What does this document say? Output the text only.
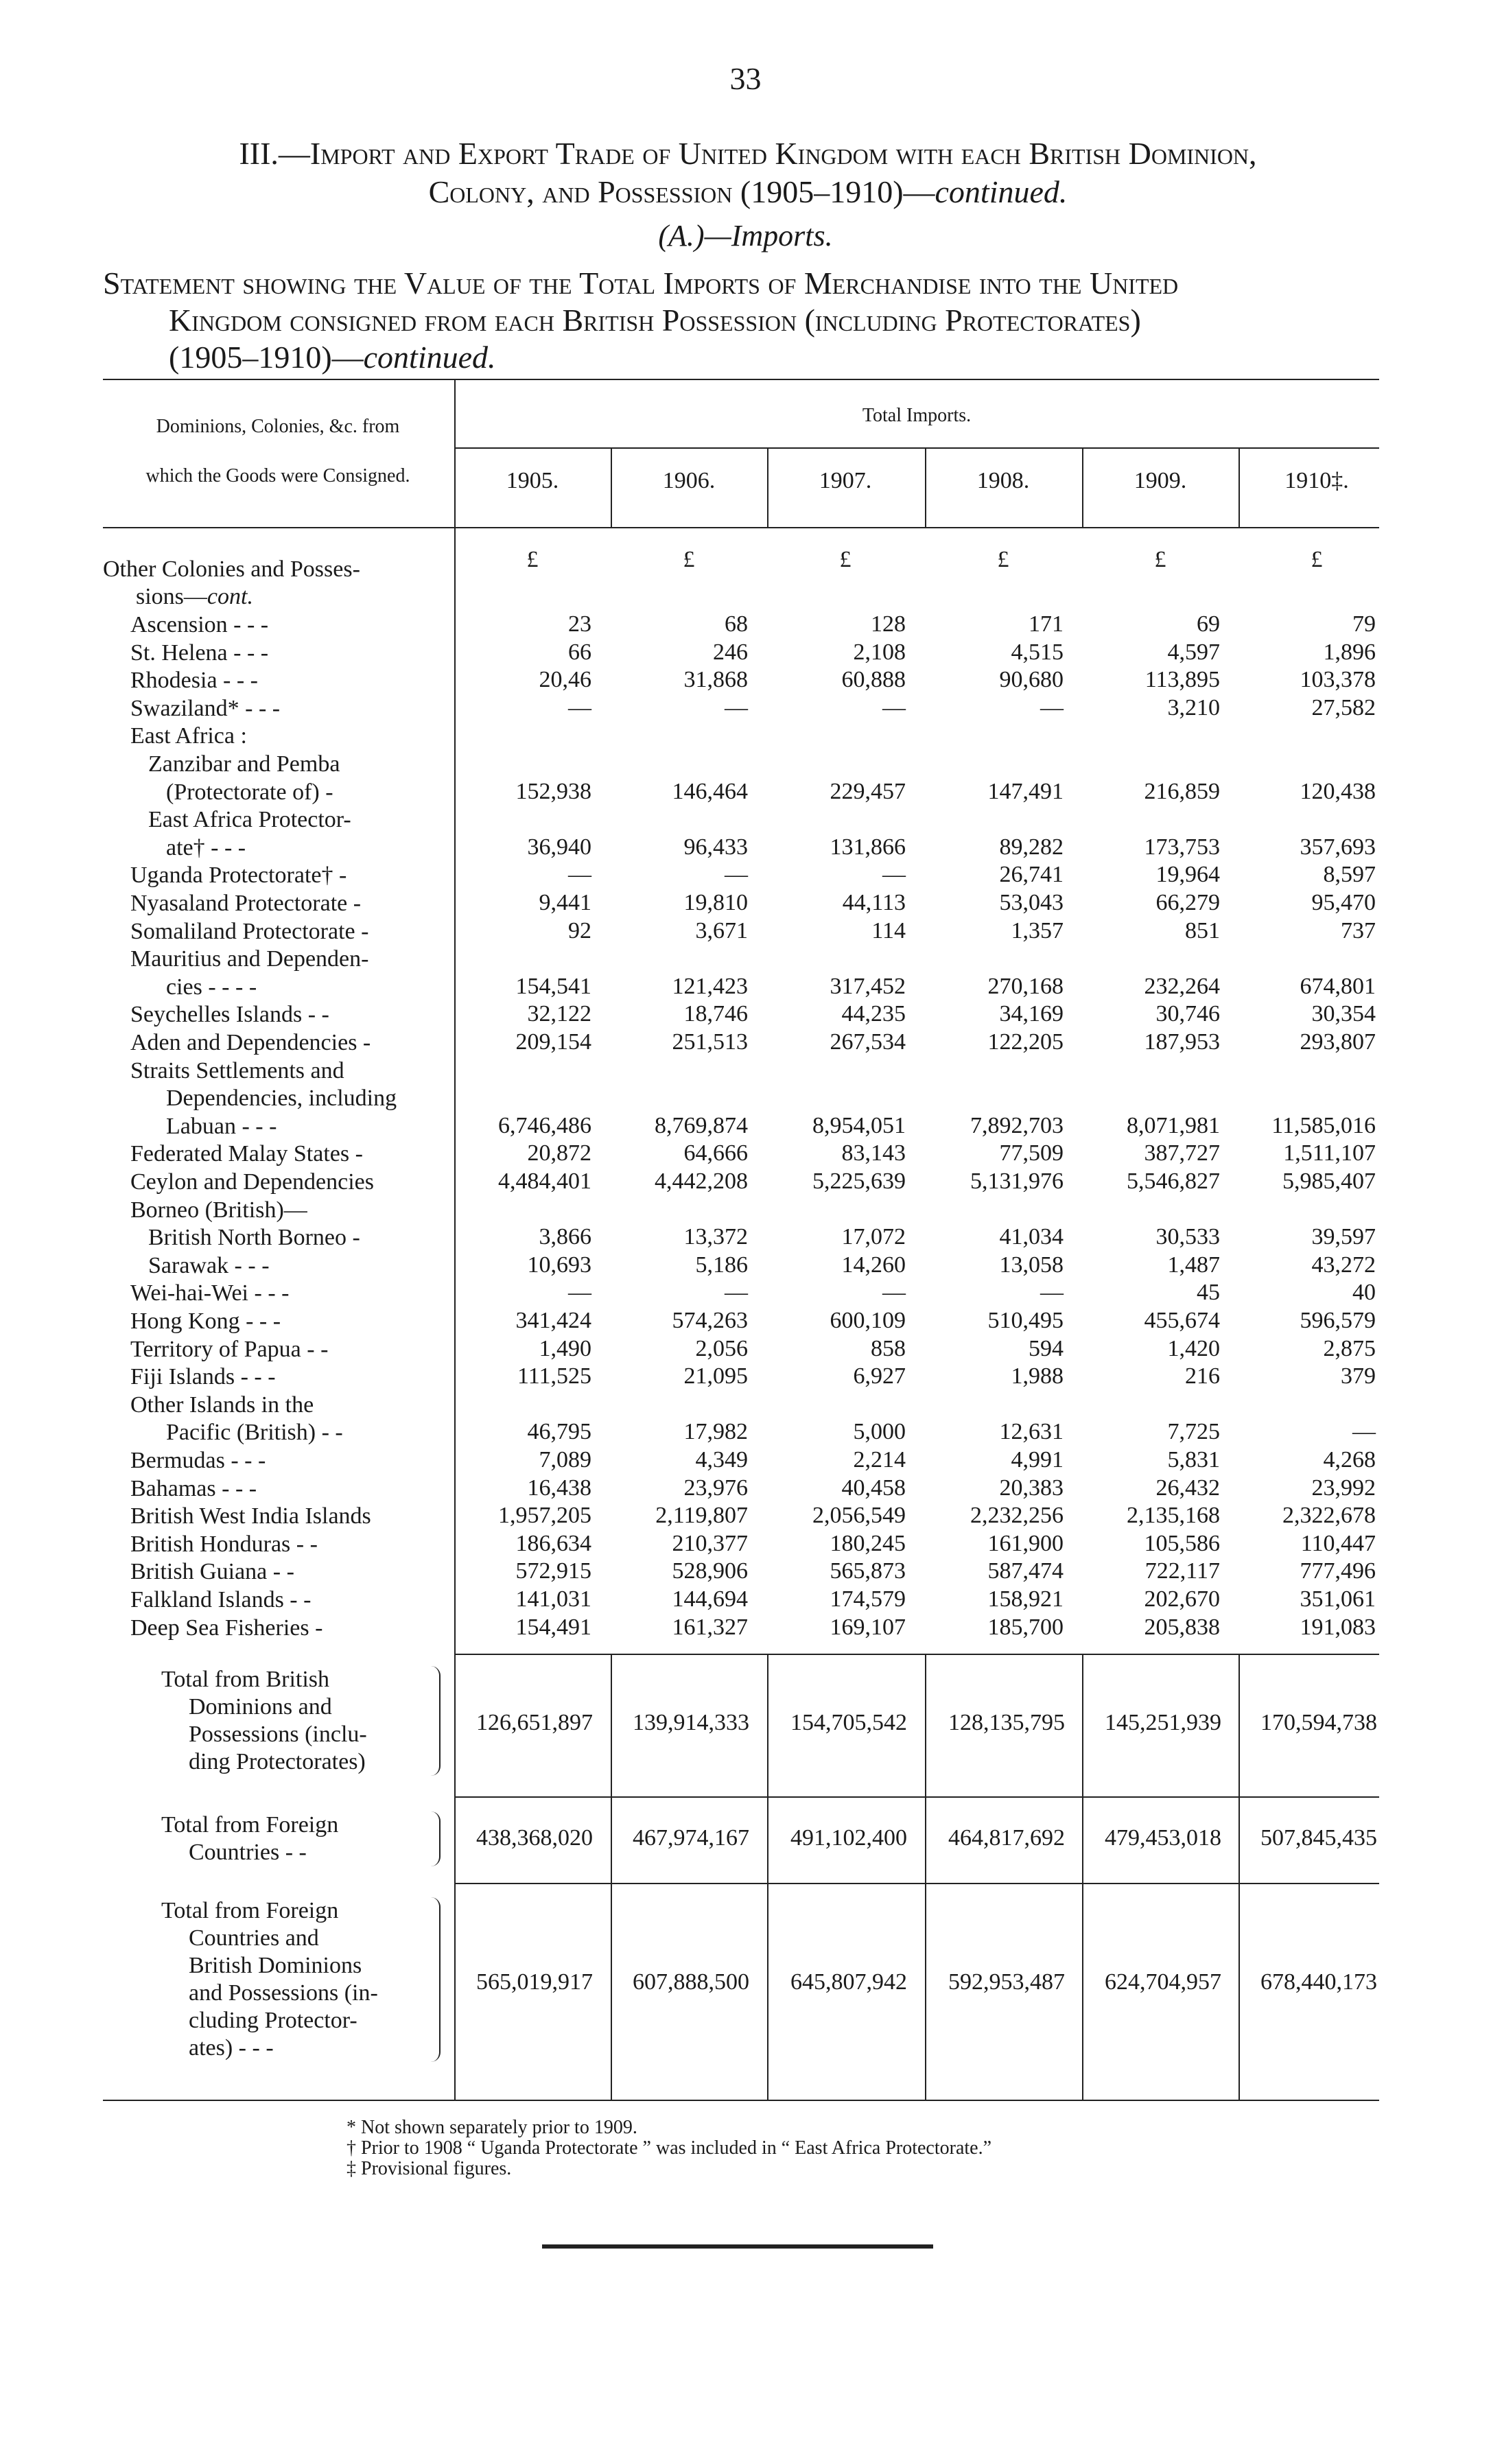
33
III.—Import and Export Trade of United Kingdom with each British Dominion,
Colony, and Possession (1905–1910)—continued.
(A.)—Imports.
Statement showing the Value of the Total Imports of Merchandise into the United
Kingdom consigned from each British Possession (including Protectorates)
(1905–1910)—continued.
Dominions, Colonies, &c. from
which the Goods were Consigned.
Total Imports.
1905.	1906.	1907.	1908.	1909.	1910‡.
£	£	£	£	£	£
Other Colonies and Posses-
sions—cont.
Ascension - - -	23	68	128	171	69	79
St. Helena - - -	66	246	2,108	4,515	4,597	1,896
Rhodesia - - -	20,46	31,868	60,888	90,680	113,895	103,378
Swaziland* - - -	—	—	—	—	3,210	27,582
East Africa :
Zanzibar and Pemba
(Protectorate of) -	152,938	146,464	229,457	147,491	216,859	120,438
East Africa Protector-
ate† - - -	36,940	96,433	131,866	89,282	173,753	357,693
Uganda Protectorate† -	—	—	—	26,741	19,964	8,597
Nyasaland Protectorate -	9,441	19,810	44,113	53,043	66,279	95,470
Somaliland Protectorate -	92	3,671	114	1,357	851	737
Mauritius and Dependen-
cies - - - -	154,541	121,423	317,452	270,168	232,264	674,801
Seychelles Islands - -	32,122	18,746	44,235	34,169	30,746	30,354
Aden and Dependencies -	209,154	251,513	267,534	122,205	187,953	293,807
Straits Settlements and
Dependencies, including
Labuan - - -	6,746,486	8,769,874	8,954,051	7,892,703	8,071,981	11,585,016
Federated Malay States -	20,872	64,666	83,143	77,509	387,727	1,511,107
Ceylon and Dependencies	4,484,401	4,442,208	5,225,639	5,131,976	5,546,827	5,985,407
Borneo (British)—
British North Borneo -	3,866	13,372	17,072	41,034	30,533	39,597
Sarawak - - -	10,693	5,186	14,260	13,058	1,487	43,272
Wei-hai-Wei - - -	—	—	—	—	45	40
Hong Kong - - -	341,424	574,263	600,109	510,495	455,674	596,579
Territory of Papua - -	1,490	2,056	858	594	1,420	2,875
Fiji Islands - - -	111,525	21,095	6,927	1,988	216	379
Other Islands in the
Pacific (British) - -	46,795	17,982	5,000	12,631	7,725	—
Bermudas - - -	7,089	4,349	2,214	4,991	5,831	4,268
Bahamas - - -	16,438	23,976	40,458	20,383	26,432	23,992
British West India Islands	1,957,205	2,119,807	2,056,549	2,232,256	2,135,168	2,322,678
British Honduras - -	186,634	210,377	180,245	161,900	105,586	110,447
British Guiana - -	572,915	528,906	565,873	587,474	722,117	777,496
Falkland Islands - -	141,031	144,694	174,579	158,921	202,670	351,061
Deep Sea Fisheries -	154,491	161,327	169,107	185,700	205,838	191,083
Total from British
Dominions and
Possessions (inclu-
ding Protectorates)
126,651,897	139,914,333	154,705,542	128,135,795	145,251,939	170,594,738
Total from Foreign
Countries - -
438,368,020	467,974,167	491,102,400	464,817,692	479,453,018	507,845,435
Total from Foreign
Countries and
British Dominions
and Possessions (in-
cluding Protector-
ates) - - -
565,019,917	607,888,500	645,807,942	592,953,487	624,704,957	678,440,173
* Not shown separately prior to 1909.
† Prior to 1908 “ Uganda Protectorate ” was included in “ East Africa Protectorate.”
‡ Provisional figures.
